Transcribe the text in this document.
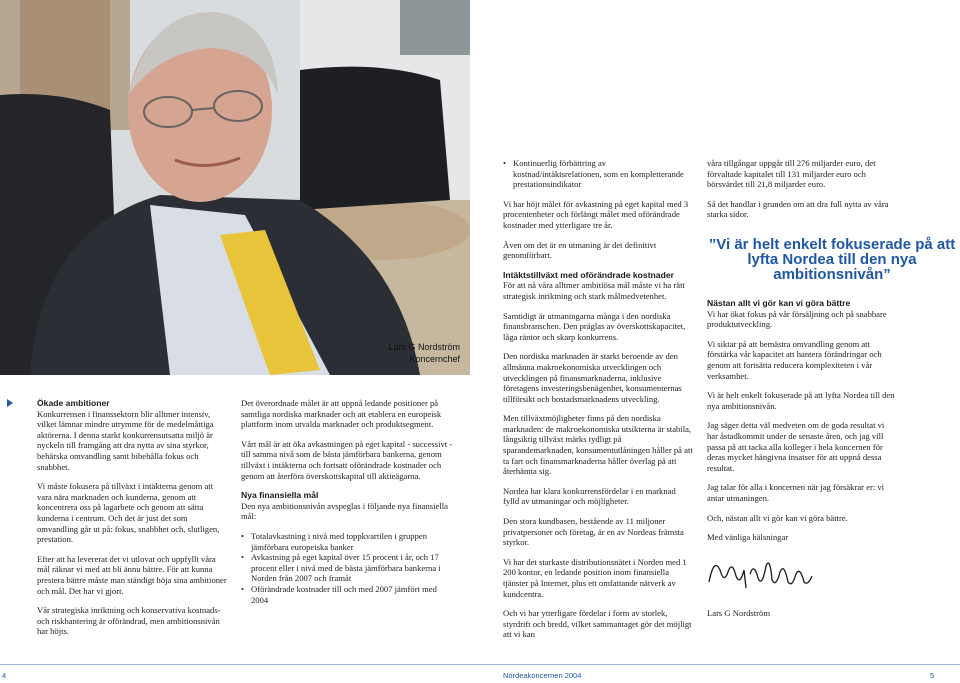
Lars G Nordström
Koncernchef
Ökade ambitioner

Konkurrensen i finanssektorn blir alltmer intensiv, vilket lämnar mindre utrymme för de medelmåttiga aktörerna. I denna starkt konkurrensutsatta miljö är nyckeln till framgång att dra nytta av sina styrkor, behärska omvandling samt bibehålla fokus och snabbhet.

Vi måste fokusera på tillväxt i intäkterna genom att vara nära marknaden och kunderna, genom att koncentrera oss på lagarbete och genom att sätta kunderna i centrum. Och det är just det som omvandling går ut på: fokus, snabbhet och, slutligen, prestation.

Efter att ha levererat det vi utlovat och uppfyllt våra mål räknar vi med att bli ännu bättre. För att kunna prestera bättre måste man ständigt höja sina ambitioner och mål. Det har vi gjort.

Vår strategiska inriktning och konservativa kostnads- och riskhantering är oförändrad, men ambitionsnivån har höjts.

Det överordnade målet är att uppnå ledande positioner på samtliga nordiska marknader och att etablera en europeisk plattform inom utvalda marknader och produktsegment.

Vårt mål är att öka avkastningen på eget kapital - successivt - till samma nivå som de bästa jämförbara bankerna, genom tillväxt i intäkterna och fortsatt oförändrade kostnader och genom att återföra överskottskapital till aktieägarna.

Nya finansiella mål

Den nya ambitionsnivån avspeglas i följande nya finansiella mål:

• Totalavkastning i nivå med toppkvartilen i gruppen jämförbara europeiska banker
• Avkastning på eget kapital över 15 procent i år, och 17 procent eller i nivå med de bästa jämförbara bankerna i Norden från 2007 och framåt
• Oförändrade kostnader till och med 2007 jämfört med 2004
• Kontinuerlig förbättring av kostnad/intäktsrelationen, som en kompletterande prestationsindikator

Vi har höjt målet för avkastning på eget kapital med 3 procentenheter och förlängt målet med oförändrade kostnader med ytterligare tre år.

Även om det är en utmaning är det definitivt genomförbart.

Intäktstillväxt med oförändrade kostnader

För att nå våra alltmer ambitiösa mål måste vi ha rätt strategisk inriktning och stark målmedvetenhet.

Samtidigt är utmaningarna många i den nordiska finansbranschen. Den präglas av överskottskapacitet, låga räntor och skarp konkurrens.

Den nordiska marknaden är starkt beroende av den allmänna makroekonomiska utvecklingen och utvecklingen på finansmarknaderna, inklusive företagens investeringsbenägenhet, konsumenternas tillförsikt och bostadsmarknadens utveckling.

Men tillväxtmöjligheter finns på den nordiska marknaden: de makroekonomiska utsikterna är stabila, långsiktig tillväxt märks tydligt på sparandemarknaden, konsumentutlåningen håller på att ta fart och finansmarknaderna håller överlag på att återhämta sig.

Nordea har klara konkurrensfördelar i en marknad fylld av utmaningar och möjligheter.

Den stora kundbasen, bestående av 11 miljoner privatpersoner och företag, är en av Nordeas främsta styrkor.

Vi har det starkaste distributionsnätet i Norden med 1 200 kontor, en ledande position inom finansiella tjänster på Internet, plus ett omfattande nätverk av kundcentra.

Och vi har ytterligare fördelar i form av storlek, styrdrift och bredd, vilket sammantaget gör det möjligt att vi kan

våra tillgångar uppgår till 276 miljarder euro, det förvaltade kapitalet till 131 miljarder euro och börsvärdet till 21,8 miljarder euro.

Så det handlar i grunden om att dra full nytta av våra starka sidor.

”Vi är helt enkelt fokuserade på att lyfta Nordea till den nya ambitionsnivån”
Nästan allt vi gör kan vi göra bättre

Vi har ökat fokus på vår försäljning och på snabbare produktutveckling.

Vi siktar på att bemästra omvandling genom att förstärka vår kapacitet att hantera förändringar och genom att fortsätta reducera komplexiteten i vår verksamhet.

Vi är helt enkelt fokuserade på att lyfta Nordea till den nya ambitionsnivån.

Jag säger detta väl medveten om de goda resultat vi har åstadkommit under de senaste åren, och jag vill passa på att tacka alla kolleger i hela koncernen för deras mycket hängivna insatser för att uppnå dessa resultat.

Jag talar för alla i koncernen när jag försäkrar er: vi antar utmaningen.

Och, nästan allt vi gör kan vi göra bättre.

Med vänliga hälsningar

Lars G Nordström
4	Nordeakoncernen 2004	5
